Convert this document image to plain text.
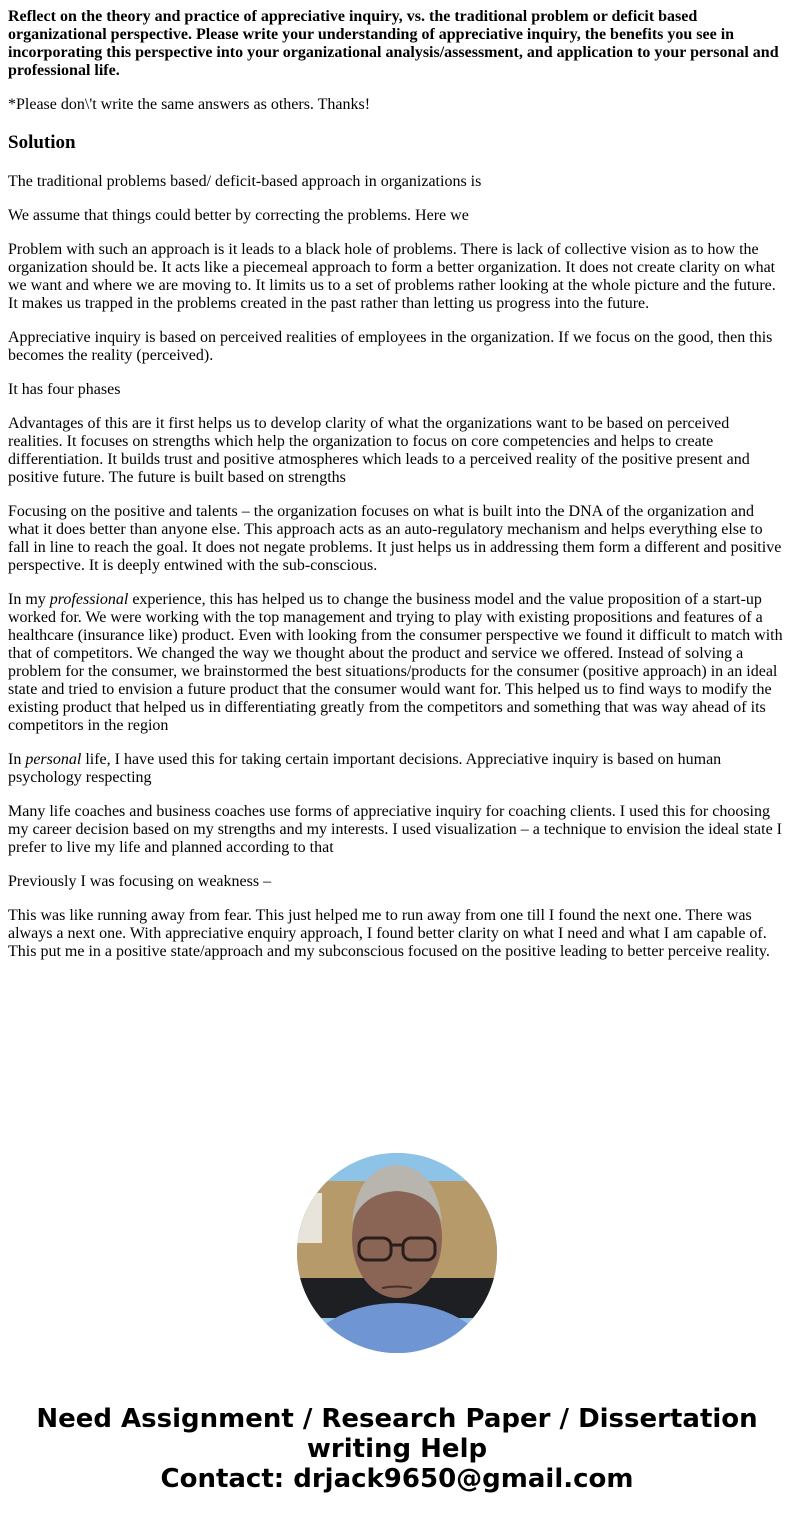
Reflect on the theory and practice of appreciative inquiry, vs. the traditional problem or deficit based organizational perspective. Please write your understanding of appreciative inquiry, the benefits you see in incorporating this perspective into your organizational analysis/assessment, and application to your personal and professional life.

*Please don\'t write the same answers as others. Thanks!

Solution

The traditional problems based/ deficit-based approach in organizations is

We assume that things could better by correcting the problems. Here we

Problem with such an approach is it leads to a black hole of problems. There is lack of collective vision as to how the organization should be. It acts like a piecemeal approach to form a better organization. It does not create clarity on what we want and where we are moving to. It limits us to a set of problems rather looking at the whole picture and the future. It makes us trapped in the problems created in the past rather than letting us progress into the future.

Appreciative inquiry is based on perceived realities of employees in the organization. If we focus on the good, then this becomes the reality (perceived).

It has four phases

Advantages of this are it first helps us to develop clarity of what the organizations want to be based on perceived realities. It focuses on strengths which help the organization to focus on core competencies and helps to create differentiation. It builds trust and positive atmospheres which leads to a perceived reality of the positive present and positive future. The future is built based on strengths

Focusing on the positive and talents – the organization focuses on what is built into the DNA of the organization and what it does better than anyone else. This approach acts as an auto-regulatory mechanism and helps everything else to fall in line to reach the goal. It does not negate problems. It just helps us in addressing them form a different and positive perspective. It is deeply entwined with the sub-conscious.

In my professional experience, this has helped us to change the business model and the value proposition of a start-up worked for. We were working with the top management and trying to play with existing propositions and features of a healthcare (insurance like) product. Even with looking from the consumer perspective we found it difficult to match with that of competitors. We changed the way we thought about the product and service we offered. Instead of solving a problem for the consumer, we brainstormed the best situations/products for the consumer (positive approach) in an ideal state and tried to envision a future product that the consumer would want for. This helped us to find ways to modify the existing product that helped us in differentiating greatly from the competitors and something that was way ahead of its competitors in the region

In personal life, I have used this for taking certain important decisions. Appreciative inquiry is based on human psychology respecting

Many life coaches and business coaches use forms of appreciative inquiry for coaching clients. I used this for choosing my career decision based on my strengths and my interests. I used visualization – a technique to envision the ideal state I prefer to live my life and planned according to that

Previously I was focusing on weakness –

This was like running away from fear. This just helped me to run away from one till I found the next one. There was always a next one. With appreciative enquiry approach, I found better clarity on what I need and what I am capable of. This put me in a positive state/approach and my subconscious focused on the positive leading to better perceive reality.

Need Assignment / Research Paper / Dissertation
writing Help
Contact: drjack9650@gmail.com
